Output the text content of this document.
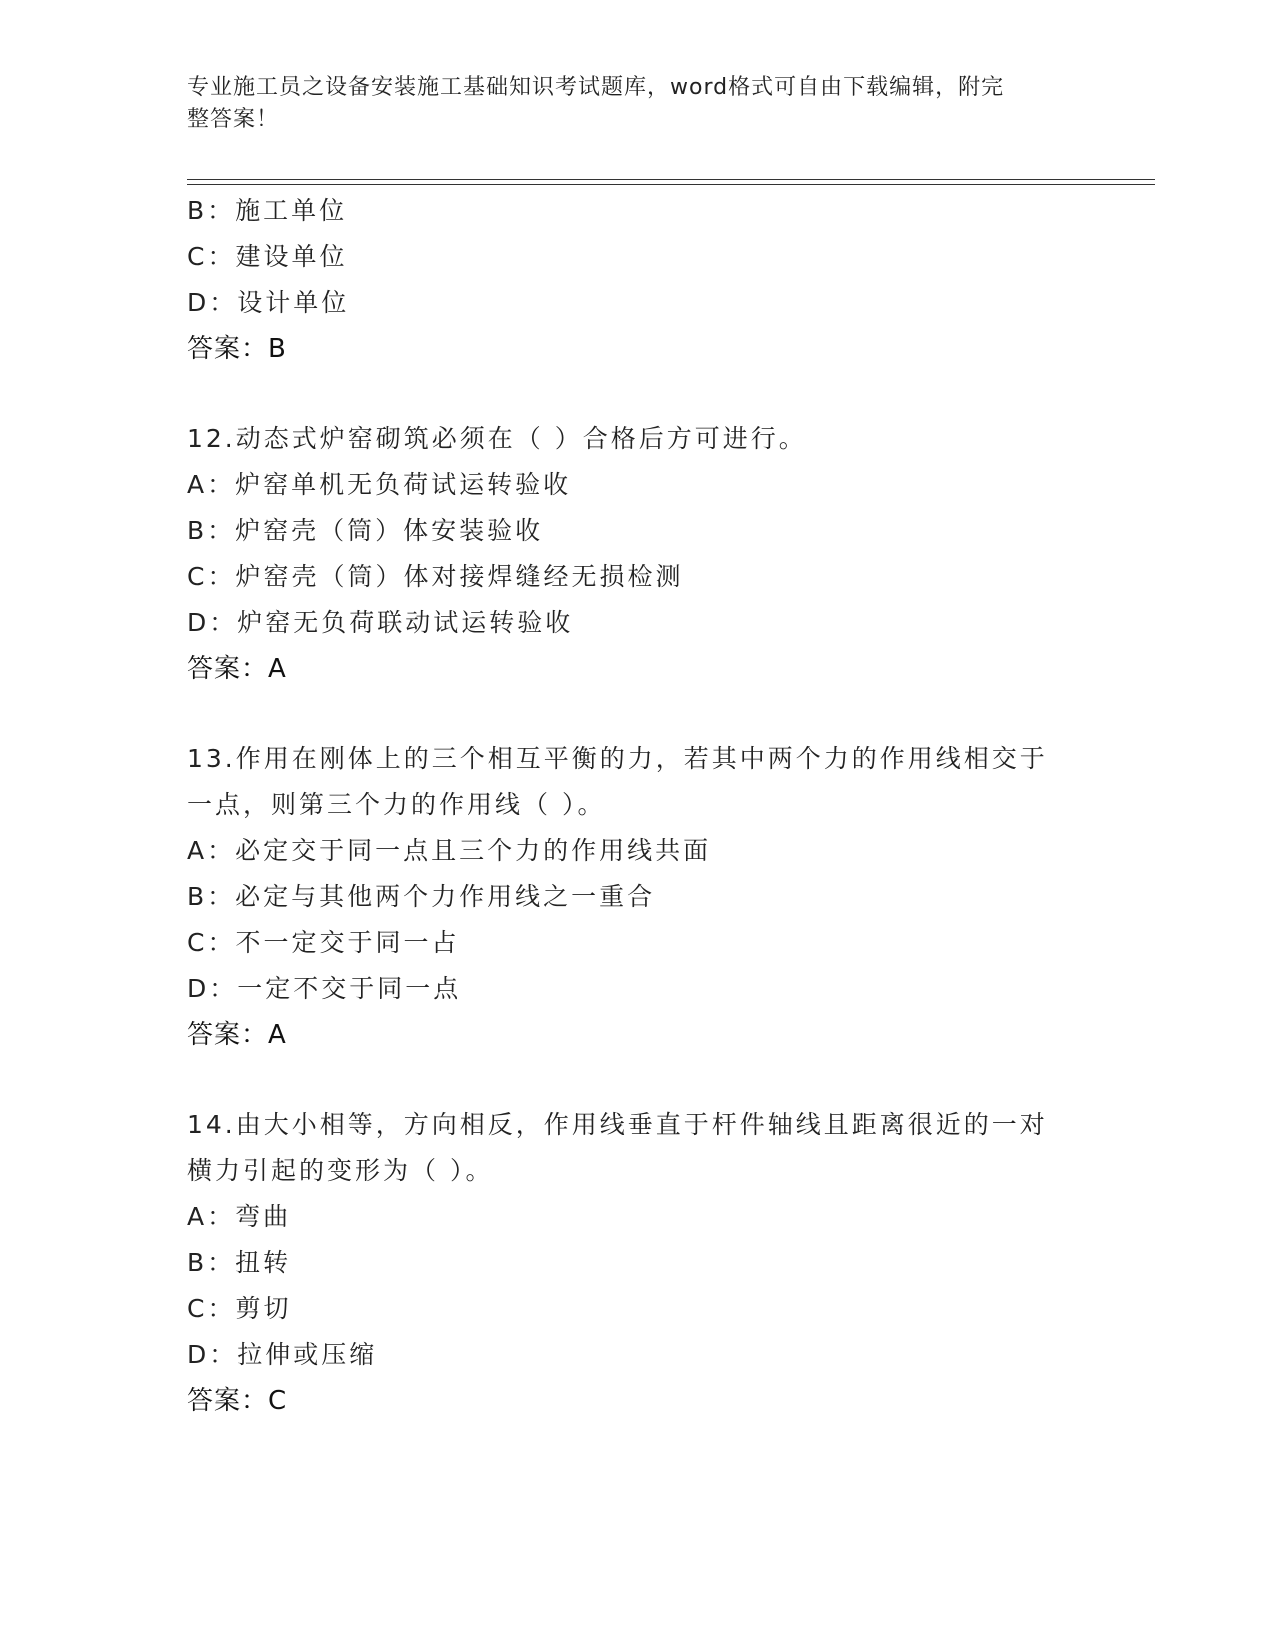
专业施工员之设备安装施工基础知识考试题库，word格式可自由下载编辑，附完
整答案！
B：施工单位
C：建设单位
D：设计单位
答案：B
12.动态式炉窑砌筑必须在（ ）合格后方可进行。
A：炉窑单机无负荷试运转验收
B：炉窑壳（筒）体安装验收
C：炉窑壳（筒）体对接焊缝经无损检测
D：炉窑无负荷联动试运转验收
答案：A
13.作用在刚体上的三个相互平衡的力，若其中两个力的作用线相交于
一点，则第三个力的作用线（ ）。
A：必定交于同一点且三个力的作用线共面
B：必定与其他两个力作用线之一重合
C：不一定交于同一占
D：一定不交于同一点
答案：A
14.由大小相等，方向相反，作用线垂直于杆件轴线且距离很近的一对
横力引起的变形为（ ）。
A：弯曲
B：扭转
C：剪切
D：拉伸或压缩
答案：C
